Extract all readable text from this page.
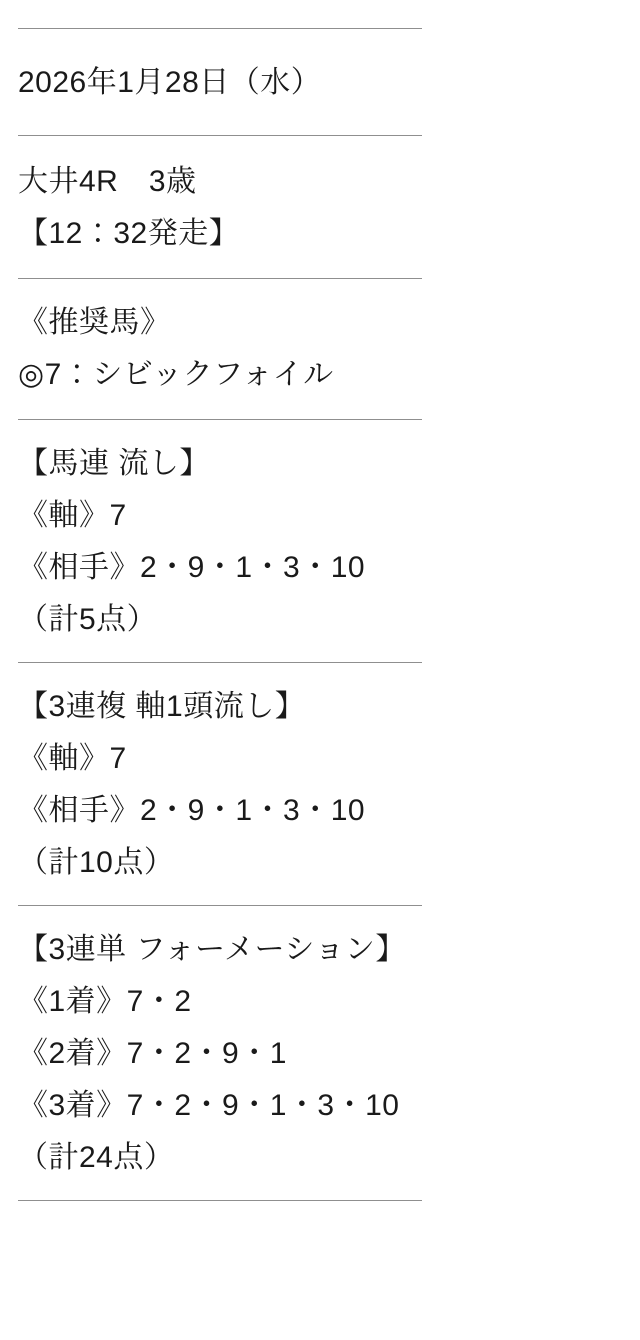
2026年1月28日（水）
大井4R　3歳
【12：32発走】
《推奨馬》
◎7：シビックフォイル
【馬連 流し】
《軸》7
《相手》2・9・1・3・10
（計5点）
【3連複 軸1頭流し】
《軸》7
《相手》2・9・1・3・10
（計10点）
【3連単 フォーメーション】
《1着》7・2
《2着》7・2・9・1
《3着》7・2・9・1・3・10
（計24点）
